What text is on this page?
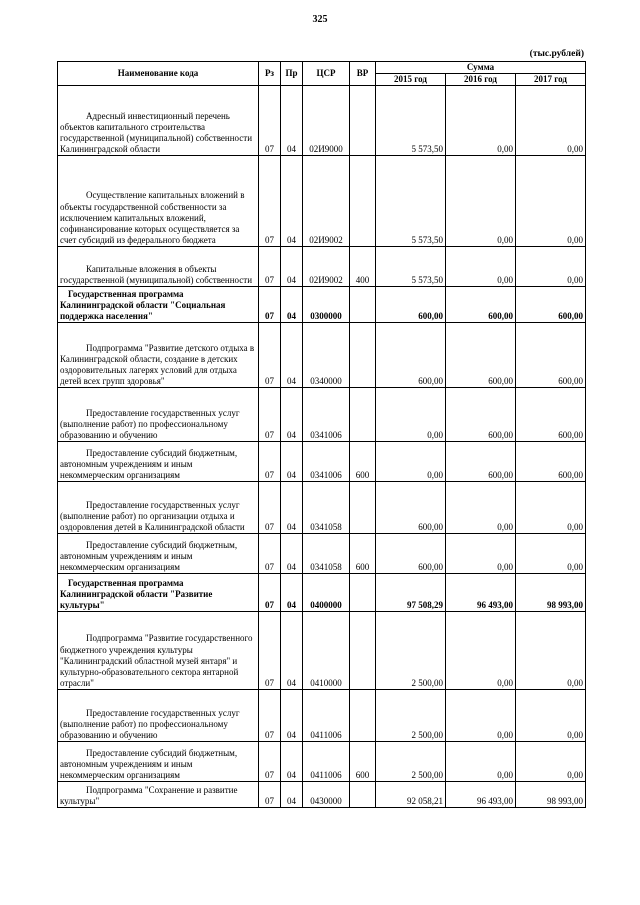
325
(тыс.рублей)
Наименование кода	Рз	Пр	ЦСР	ВР	Сумма		
					2015 год	2016 год	2017 год
Адресный инвестиционный перечень объектов капитального строительства государственной (муниципальной) собственности Калининградской области	07	04	02И9000		5 573,50	0,00	0,00
Осуществление капитальных вложений в объекты государственной собственности за исключением капитальных вложений, софинансирование которых осуществляется за счет субсидий из федерального бюджета	07	04	02И9002		5 573,50	0,00	0,00
Капитальные вложения в объекты государственной (муниципальной) собственности	07	04	02И9002	400	5 573,50	0,00	0,00
Государственная программа Калининградской области "Социальная поддержка населения"	07	04	0300000		600,00	600,00	600,00
Подпрограмма "Развитие детского отдыха в Калининградской области, создание в детских оздоровительных лагерях условий для отдыха детей всех групп здоровья"	07	04	0340000		600,00	600,00	600,00
Предоставление государственных услуг (выполнение работ) по профессиональному образованию и обучению	07	04	0341006		0,00	600,00	600,00
Предоставление субсидий бюджетным, автономным учреждениям и иным некоммерческим организациям	07	04	0341006	600	0,00	600,00	600,00
Предоставление государственных услуг (выполнение работ) по организации отдыха и оздоровления детей в Калининградской области	07	04	0341058		600,00	0,00	0,00
Предоставление субсидий бюджетным, автономным учреждениям и иным некоммерческим организациям	07	04	0341058	600	600,00	0,00	0,00
Государственная программа Калининградской области "Развитие культуры"	07	04	0400000		97 508,29	96 493,00	98 993,00
Подпрограмма "Развитие государственного бюджетного учреждения культуры "Калининградский областной музей янтаря" и культурно-образовательного сектора янтарной отрасли"	07	04	0410000		2 500,00	0,00	0,00
Предоставление государственных услуг (выполнение работ) по профессиональному образованию и обучению	07	04	0411006		2 500,00	0,00	0,00
Предоставление субсидий бюджетным, автономным учреждениям и иным некоммерческим организациям	07	04	0411006	600	2 500,00	0,00	0,00
Подпрограмма "Сохранение и развитие культуры"	07	04	0430000		92 058,21	96 493,00	98 993,00
